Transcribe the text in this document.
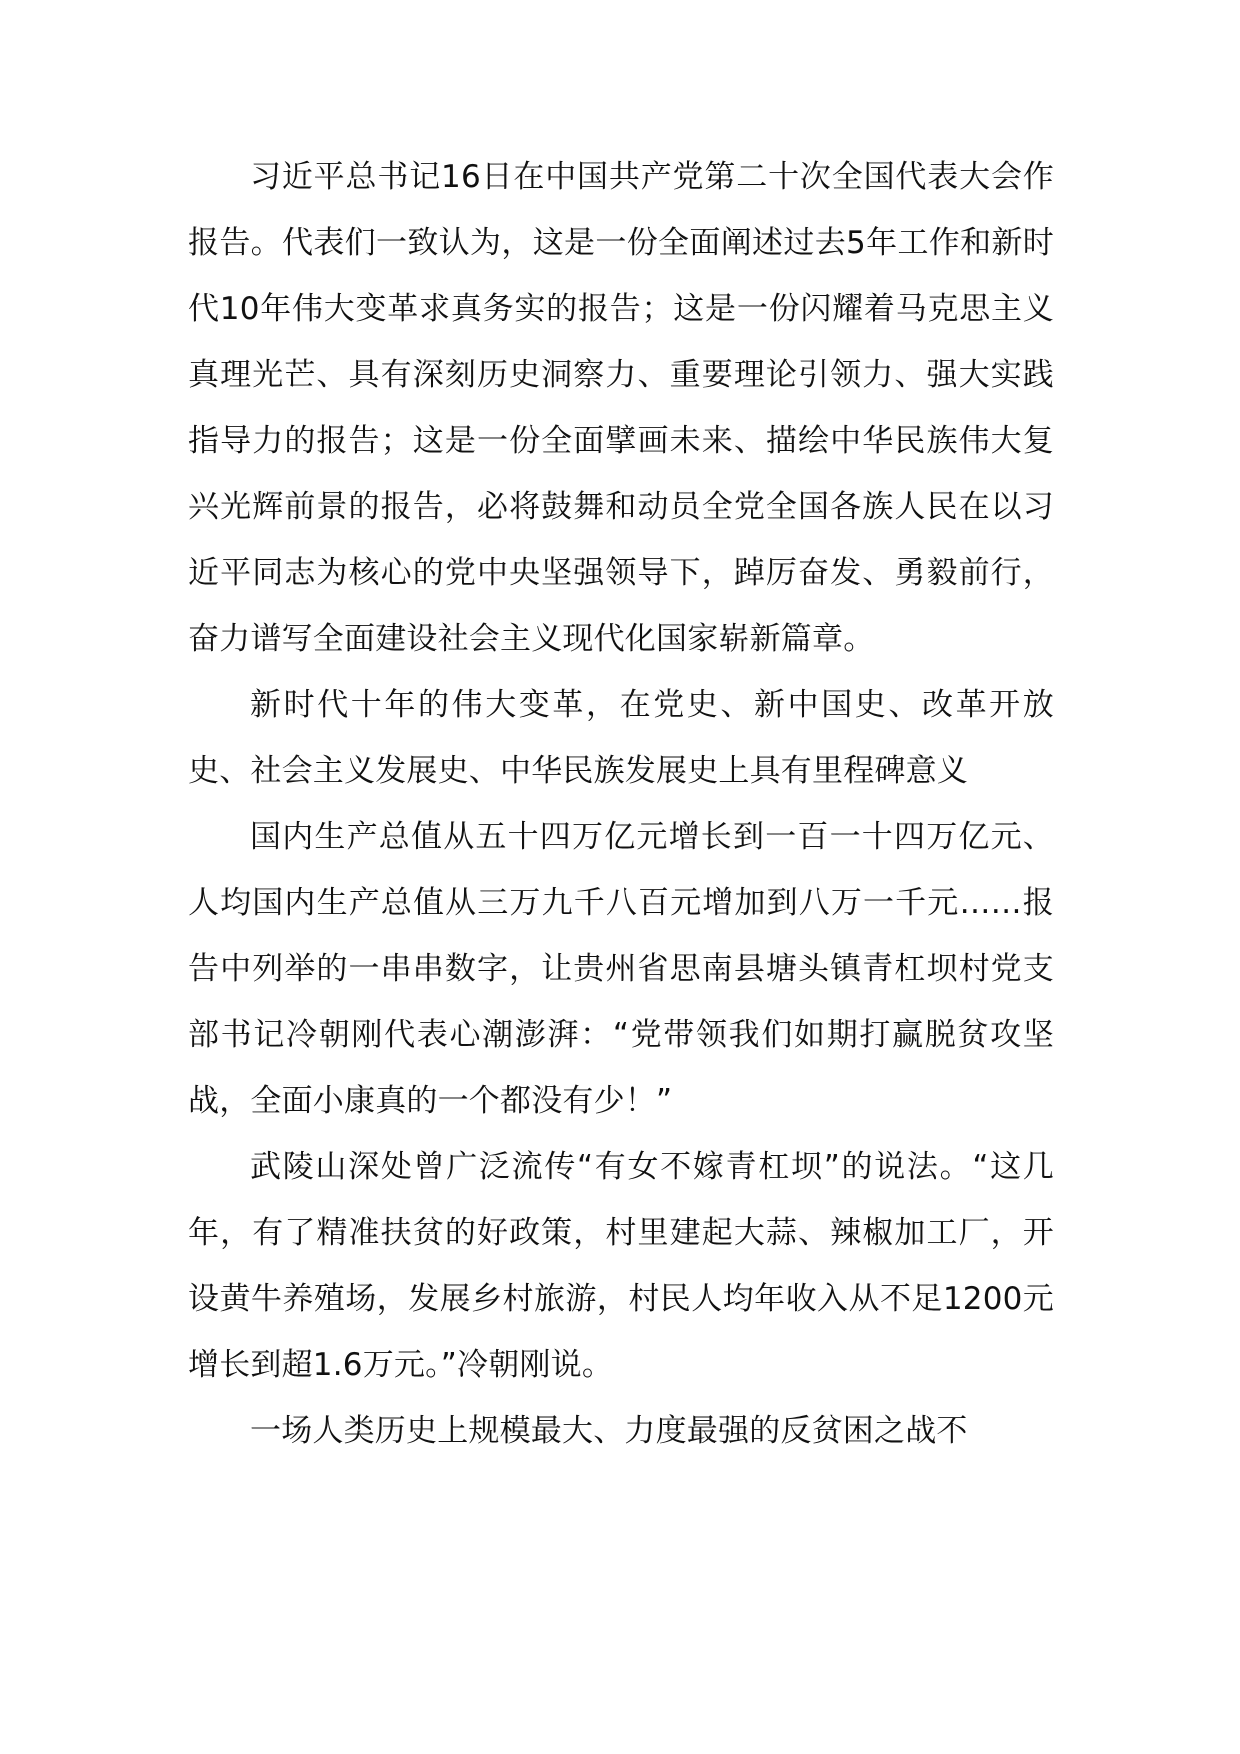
习近平总书记16日在中国共产党第二十次全国代表大会作报告。代表们一致认为，这是一份全面阐述过去5年工作和新时代10年伟大变革求真务实的报告；这是一份闪耀着马克思主义真理光芒、具有深刻历史洞察力、重要理论引领力、强大实践指导力的报告；这是一份全面擘画未来、描绘中华民族伟大复兴光辉前景的报告，必将鼓舞和动员全党全国各族人民在以习近平同志为核心的党中央坚强领导下，踔厉奋发、勇毅前行，奋力谱写全面建设社会主义现代化国家崭新篇章。

新时代十年的伟大变革，在党史、新中国史、改革开放史、社会主义发展史、中华民族发展史上具有里程碑意义

国内生产总值从五十四万亿元增长到一百一十四万亿元、人均国内生产总值从三万九千八百元增加到八万一千元……报告中列举的一串串数字，让贵州省思南县塘头镇青杠坝村党支部书记冷朝刚代表心潮澎湃：“党带领我们如期打赢脱贫攻坚战，全面小康真的一个都没有少！”

武陵山深处曾广泛流传“有女不嫁青杠坝”的说法。“这几年，有了精准扶贫的好政策，村里建起大蒜、辣椒加工厂，开设黄牛养殖场，发展乡村旅游，村民人均年收入从不足1200元增长到超1.6万元。”冷朝刚说。

一场人类历史上规模最大、力度最强的反贫困之战不
